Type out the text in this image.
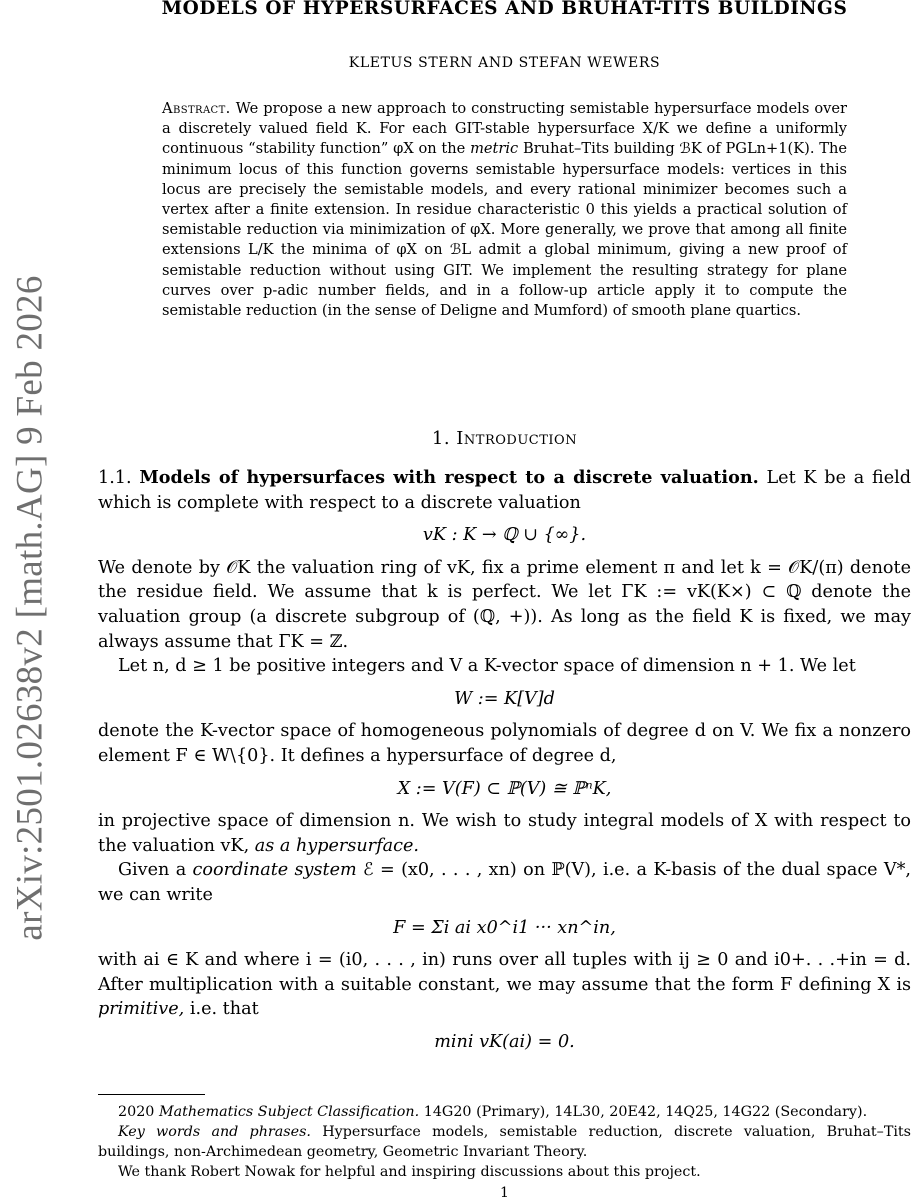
arXiv:2501.02638v2 [math.AG] 9 Feb 2026
MODELS OF HYPERSURFACES AND BRUHAT-TITS BUILDINGS
KLETUS STERN AND STEFAN WEWERS
Abstract. We propose a new approach to constructing semistable hypersurface models over a discretely valued field K. For each GIT-stable hypersurface X/K we define a uniformly continuous “stability function” φX on the metric Bruhat–Tits building ℬK of PGLn+1(K). The minimum locus of this function governs semistable hypersurface models: vertices in this locus are precisely the semistable models, and every rational minimizer becomes such a vertex after a finite extension. In residue characteristic 0 this yields a practical solution of semistable reduction via minimization of φX. More generally, we prove that among all finite extensions L/K the minima of φX on ℬL admit a global minimum, giving a new proof of semistable reduction without using GIT. We implement the resulting strategy for plane curves over p-adic number fields, and in a follow-up article apply it to compute the semistable reduction (in the sense of Deligne and Mumford) of smooth plane quartics.
1. Introduction

1.1. Models of hypersurfaces with respect to a discrete valuation. Let K be a field which is complete with respect to a discrete valuation

vK : K → ℚ ∪ {∞}.

We denote by 𝒪K the valuation ring of vK, fix a prime element π and let k = 𝒪K/(π) denote the residue field. We assume that k is perfect. We let ΓK := vK(K×) ⊂ ℚ denote the valuation group (a discrete subgroup of (ℚ, +)). As long as the field K is fixed, we may always assume that ΓK = ℤ.

Let n, d ≥ 1 be positive integers and V a K-vector space of dimension n + 1. We let

W := K[V]d

denote the K-vector space of homogeneous polynomials of degree d on V. We fix a nonzero element F ∈ W\{0}. It defines a hypersurface of degree d,

X := V(F) ⊂ ℙ(V) ≅ ℙⁿK,

in projective space of dimension n. We wish to study integral models of X with respect to the valuation vK, as a hypersurface.

Given a coordinate system ℰ = (x0, . . . , xn) on ℙ(V), i.e. a K-basis of the dual space V*, we can write

F = Σi ai x0^i1 ··· xn^in,

with ai ∈ K and where i = (i0, . . . , in) runs over all tuples with ij ≥ 0 and i0+. . .+in = d. After multiplication with a suitable constant, we may assume that the form F defining X is primitive, i.e. that

mini vK(ai) = 0.

2020 Mathematics Subject Classification. 14G20 (Primary), 14L30, 20E42, 14Q25, 14G22 (Secondary).

Key words and phrases. Hypersurface models, semistable reduction, discrete valuation, Bruhat–Tits buildings, non-Archimedean geometry, Geometric Invariant Theory.

We thank Robert Nowak for helpful and inspiring discussions about this project.

1
